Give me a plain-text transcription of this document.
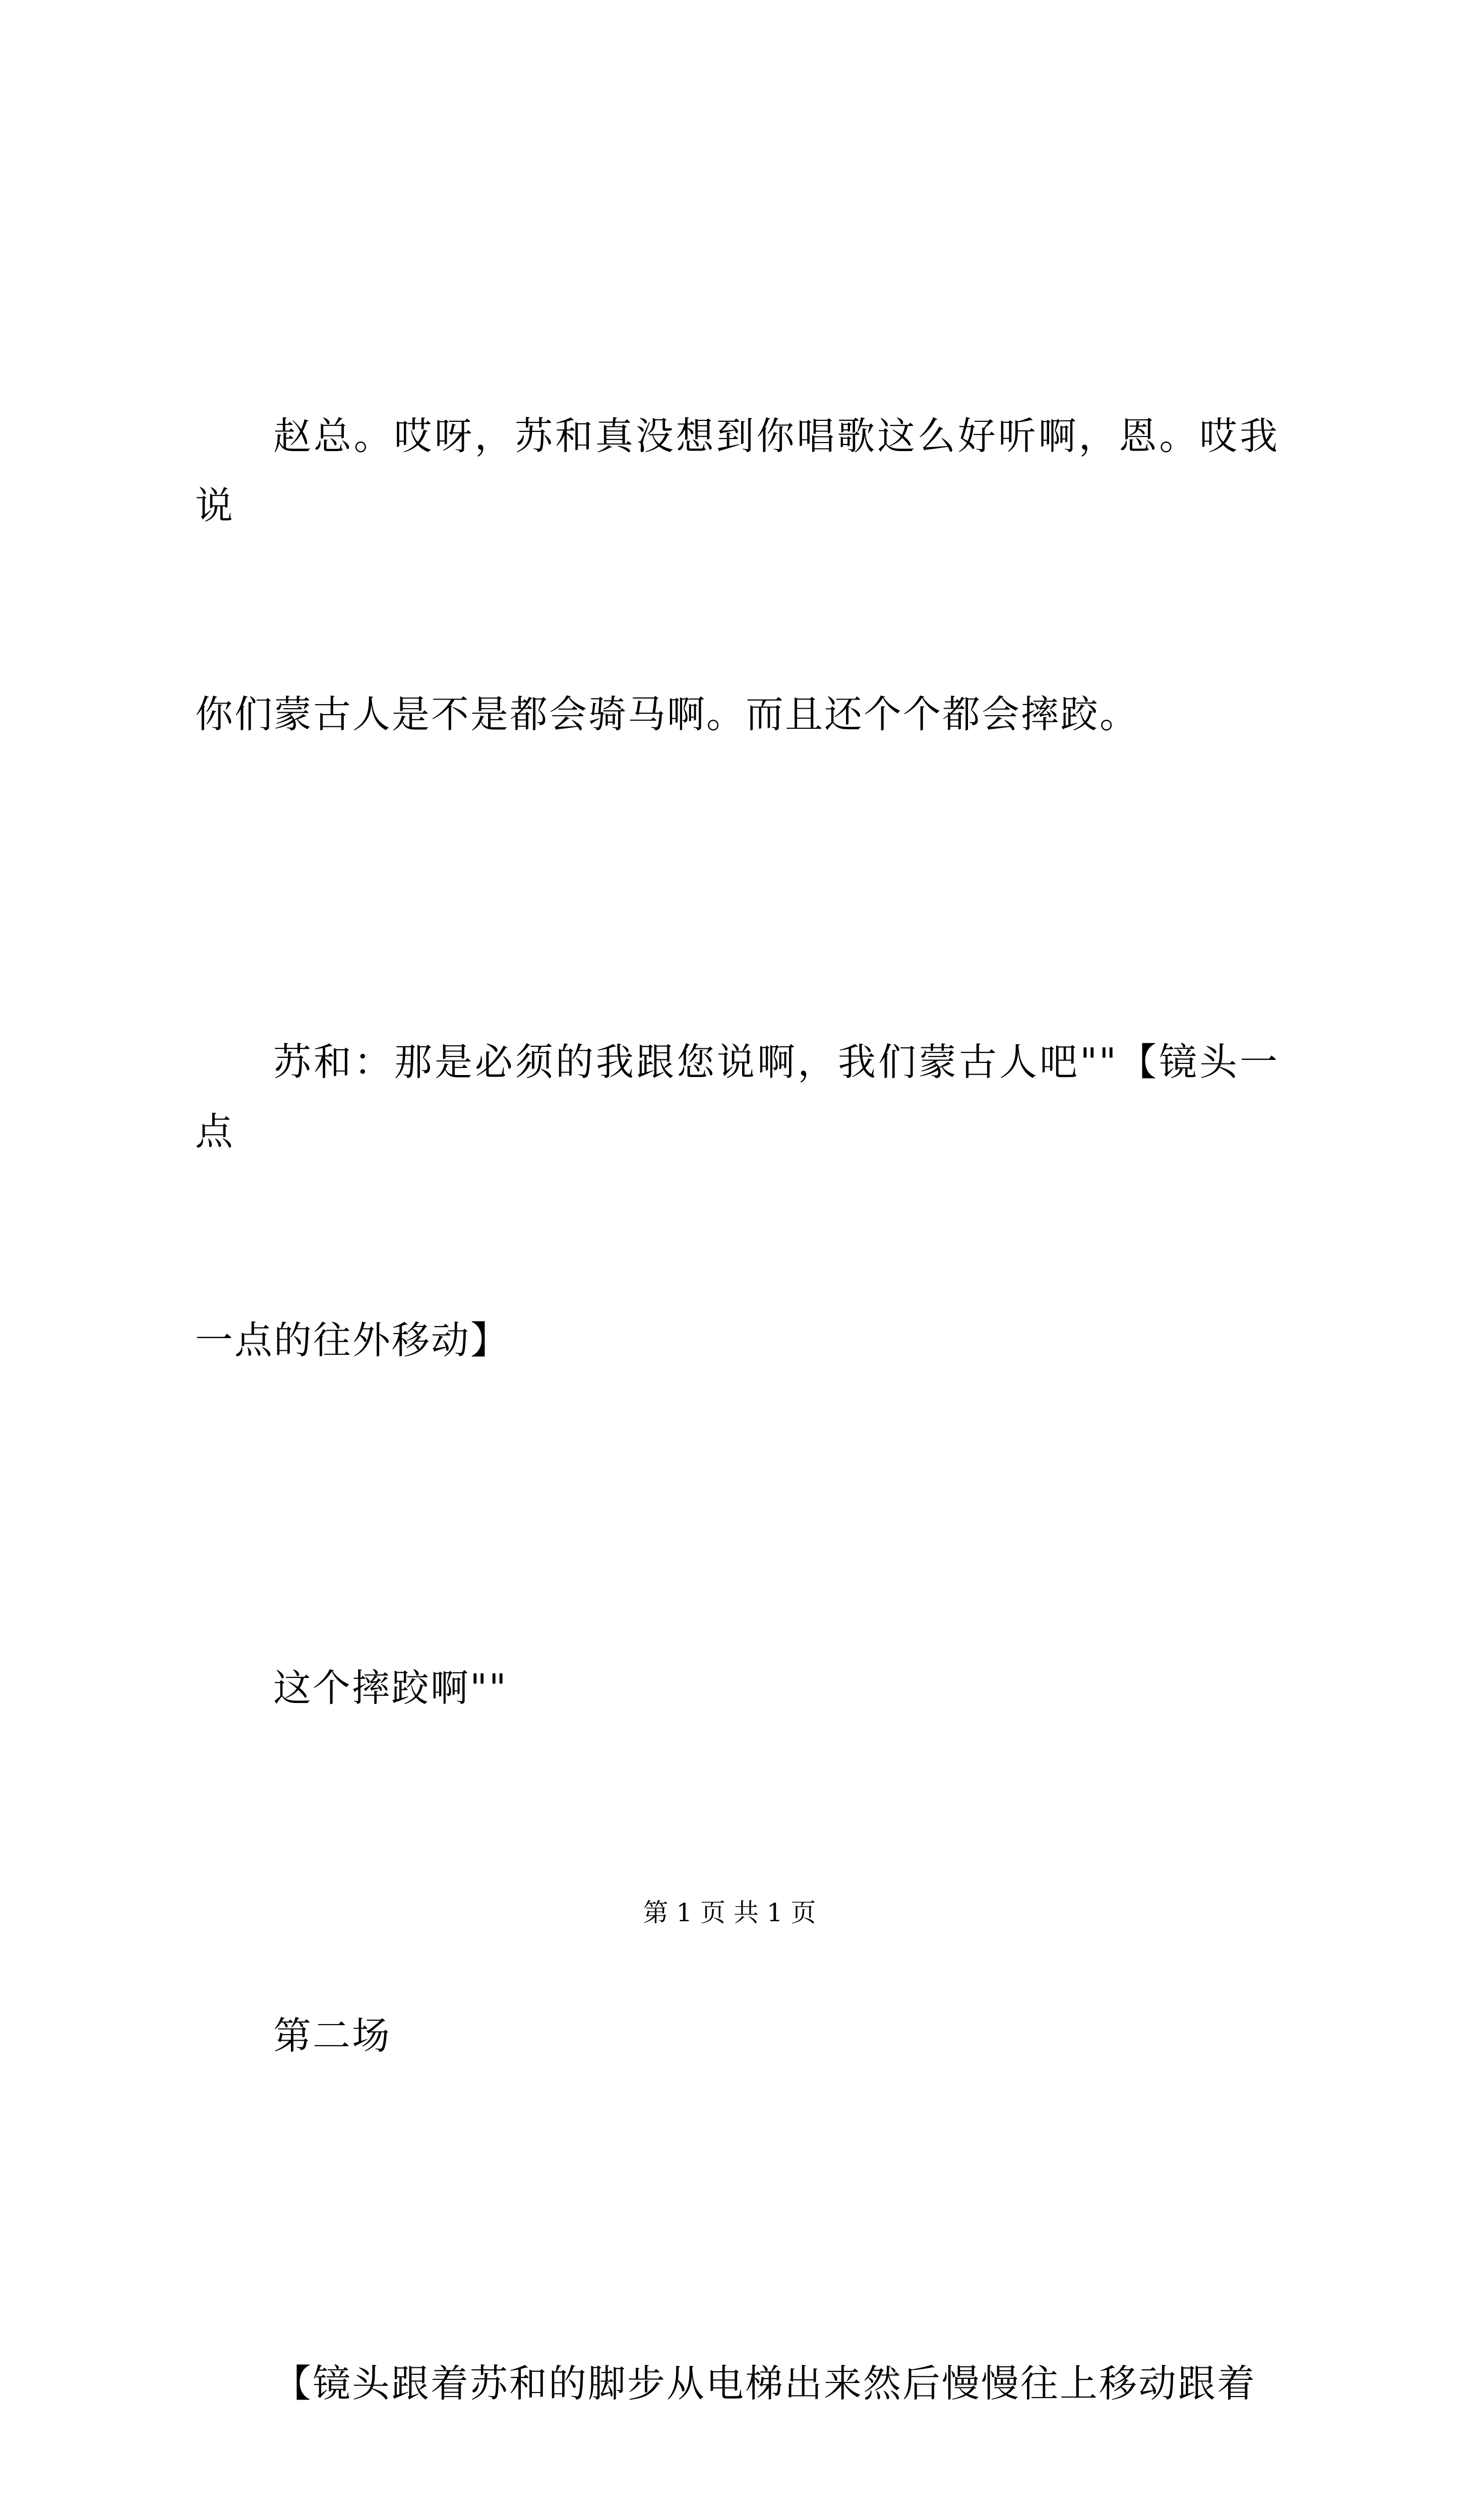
赵总。哎呀，苏和真没想到你唱歌这么好听啊，恩。哎我说

你们蒙古人是不是都会骑马啊。而且还个个都会摔跤。

苏和：那是必须的我跟您说啊，我们蒙古人吧""【镜头一点

一点的往外移动】

这个摔跤啊""

第二场

【镜头跟着苏和的脚步从电梯出来然后慢慢往上移动跟着

第 1 页 共 1 页
